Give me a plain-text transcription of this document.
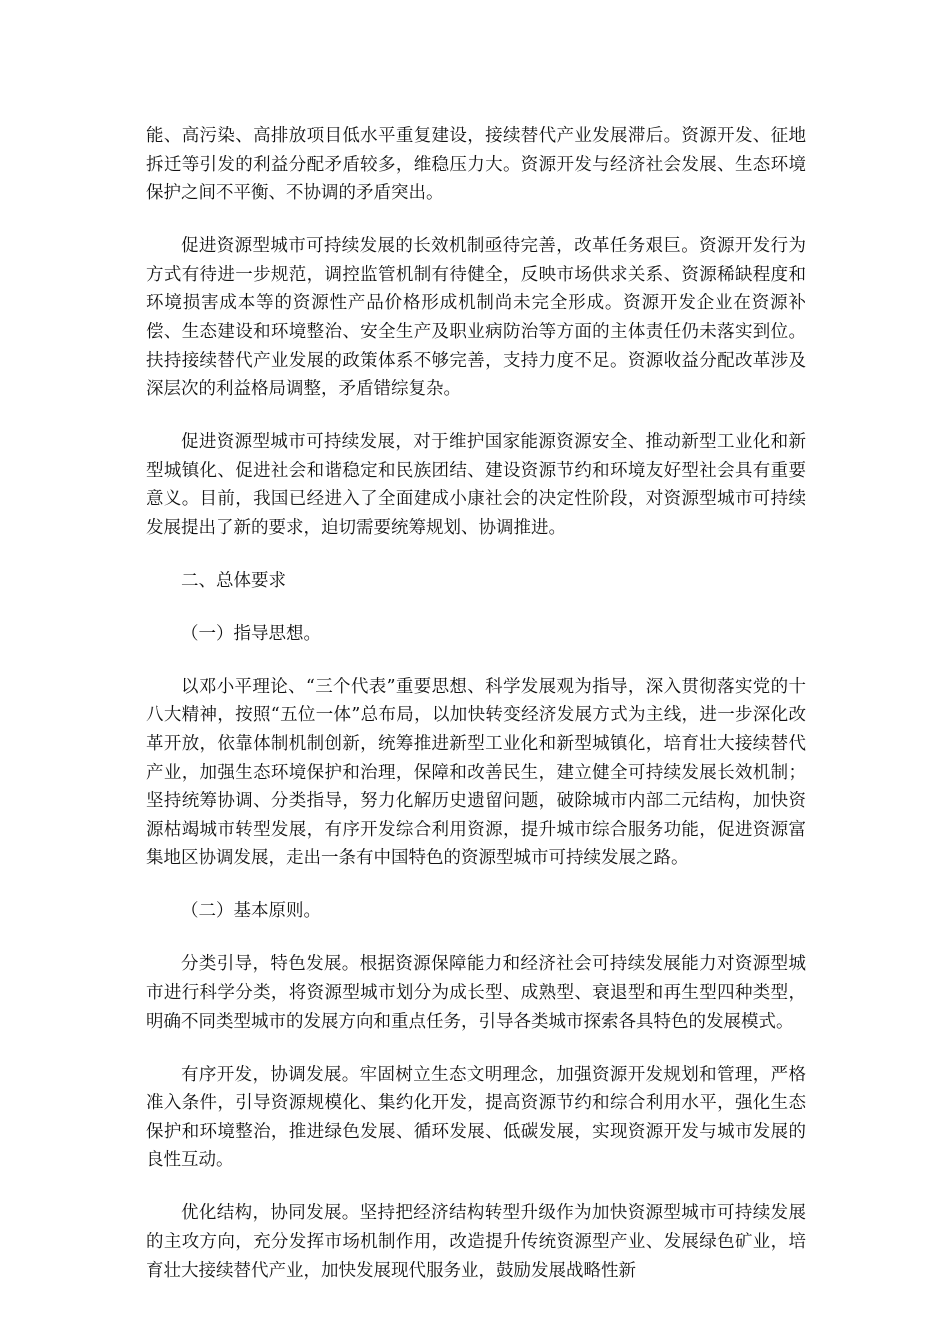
能、高污染、高排放项目低水平重复建设，接续替代产业发展滞后。资源开发、征地拆迁等引发的利益分配矛盾较多，维稳压力大。资源开发与经济社会发展、生态环境保护之间不平衡、不协调的矛盾突出。

促进资源型城市可持续发展的长效机制亟待完善，改革任务艰巨。资源开发行为方式有待进一步规范，调控监管机制有待健全，反映市场供求关系、资源稀缺程度和环境损害成本等的资源性产品价格形成机制尚未完全形成。资源开发企业在资源补偿、生态建设和环境整治、安全生产及职业病防治等方面的主体责任仍未落实到位。扶持接续替代产业发展的政策体系不够完善，支持力度不足。资源收益分配改革涉及深层次的利益格局调整，矛盾错综复杂。

促进资源型城市可持续发展，对于维护国家能源资源安全、推动新型工业化和新型城镇化、促进社会和谐稳定和民族团结、建设资源节约和环境友好型社会具有重要意义。目前，我国已经进入了全面建成小康社会的决定性阶段，对资源型城市可持续发展提出了新的要求，迫切需要统筹规划、协调推进。

二、总体要求

（一）指导思想。

以邓小平理论、“三个代表”重要思想、科学发展观为指导，深入贯彻落实党的十八大精神，按照“五位一体”总布局，以加快转变经济发展方式为主线，进一步深化改革开放，依靠体制机制创新，统筹推进新型工业化和新型城镇化，培育壮大接续替代产业，加强生态环境保护和治理，保障和改善民生，建立健全可持续发展长效机制；坚持统筹协调、分类指导，努力化解历史遗留问题，破除城市内部二元结构，加快资源枯竭城市转型发展，有序开发综合利用资源，提升城市综合服务功能，促进资源富集地区协调发展，走出一条有中国特色的资源型城市可持续发展之路。

（二）基本原则。

分类引导，特色发展。根据资源保障能力和经济社会可持续发展能力对资源型城市进行科学分类，将资源型城市划分为成长型、成熟型、衰退型和再生型四种类型，明确不同类型城市的发展方向和重点任务，引导各类城市探索各具特色的发展模式。

有序开发，协调发展。牢固树立生态文明理念，加强资源开发规划和管理，严格准入条件，引导资源规模化、集约化开发，提高资源节约和综合利用水平，强化生态保护和环境整治，推进绿色发展、循环发展、低碳发展，实现资源开发与城市发展的良性互动。

优化结构，协同发展。坚持把经济结构转型升级作为加快资源型城市可持续发展的主攻方向，充分发挥市场机制作用，改造提升传统资源型产业、发展绿色矿业，培育壮大接续替代产业，加快发展现代服务业，鼓励发展战略性新
